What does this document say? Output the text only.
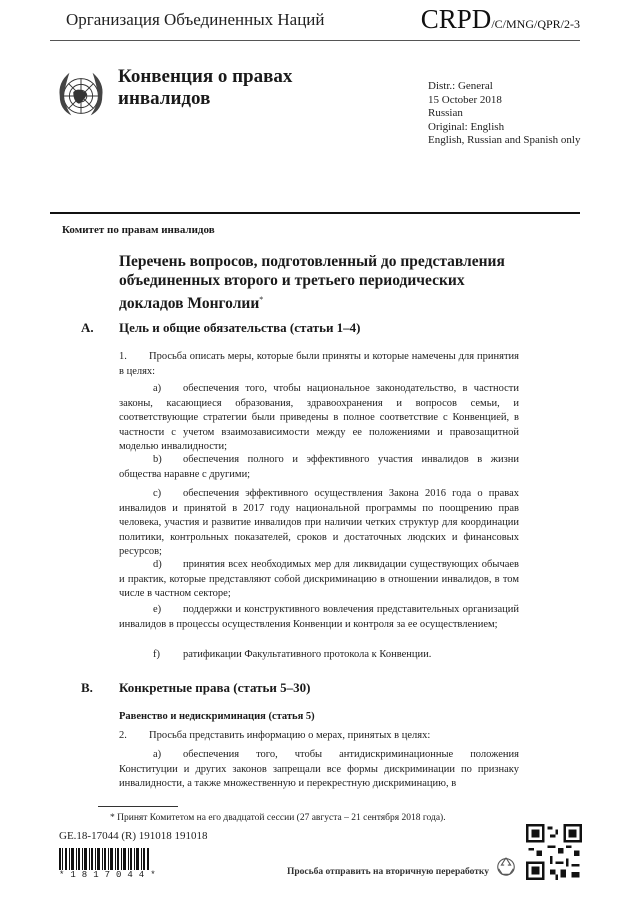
Организация Объединенных Наций	CRPD/C/MNG/QPR/2-3
Конвенция о правах
инвалидов
Distr.: General
15 October 2018
Russian
Original: English
English, Russian and Spanish only
Комитет по правам инвалидов
Перечень вопросов, подготовленный до представления
объединенных второго и третьего периодических
докладов Монголии*
A. Цель и общие обязательства (статьи 1–4)
1. Просьба описать меры, которые были приняты и которые намечены для принятия в целях:
a) обеспечения того, чтобы национальное законодательство, в частности законы, касающиеся образования, здравоохранения и вопросов семьи, и соответствующие стратегии были приведены в полное соответствие с Конвенцией, в частности с учетом взаимозависимости между ее положениями и правозащитной моделью инвалидности;
b) обеспечения полного и эффективного участия инвалидов в жизни общества наравне с другими;
c) обеспечения эффективного осуществления Закона 2016 года о правах инвалидов и принятой в 2017 году национальной программы по поощрению прав человека, участия и развитие инвалидов при наличии четких структур для координации политики, контрольных показателей, сроков и достаточных людских и финансовых ресурсов;
d) принятия всех необходимых мер для ликвидации существующих обычаев и практик, которые представляют собой дискриминацию в отношении инвалидов, в том числе в частном секторе;
e) поддержки и конструктивного вовлечения представительных организаций инвалидов в процессы осуществления Конвенции и контроля за ее осуществлением;
f) ратификации Факультативного протокола к Конвенции.
B. Конкретные права (статьи 5–30)
Равенство и недискриминация (статья 5)
2. Просьба представить информацию о мерах, принятых в целях:
a) обеспечения того, чтобы антидискриминационные положения Конституции и других законов запрещали все формы дискриминации по признаку инвалидности, а также множественную и перекрестную дискриминацию, в
* Принят Комитетом на его двадцатой сессии (27 августа – 21 сентября 2018 года).
GE.18-17044 (R) 191018 191018
*1817044*	Просьба отправить на вторичную переработку
